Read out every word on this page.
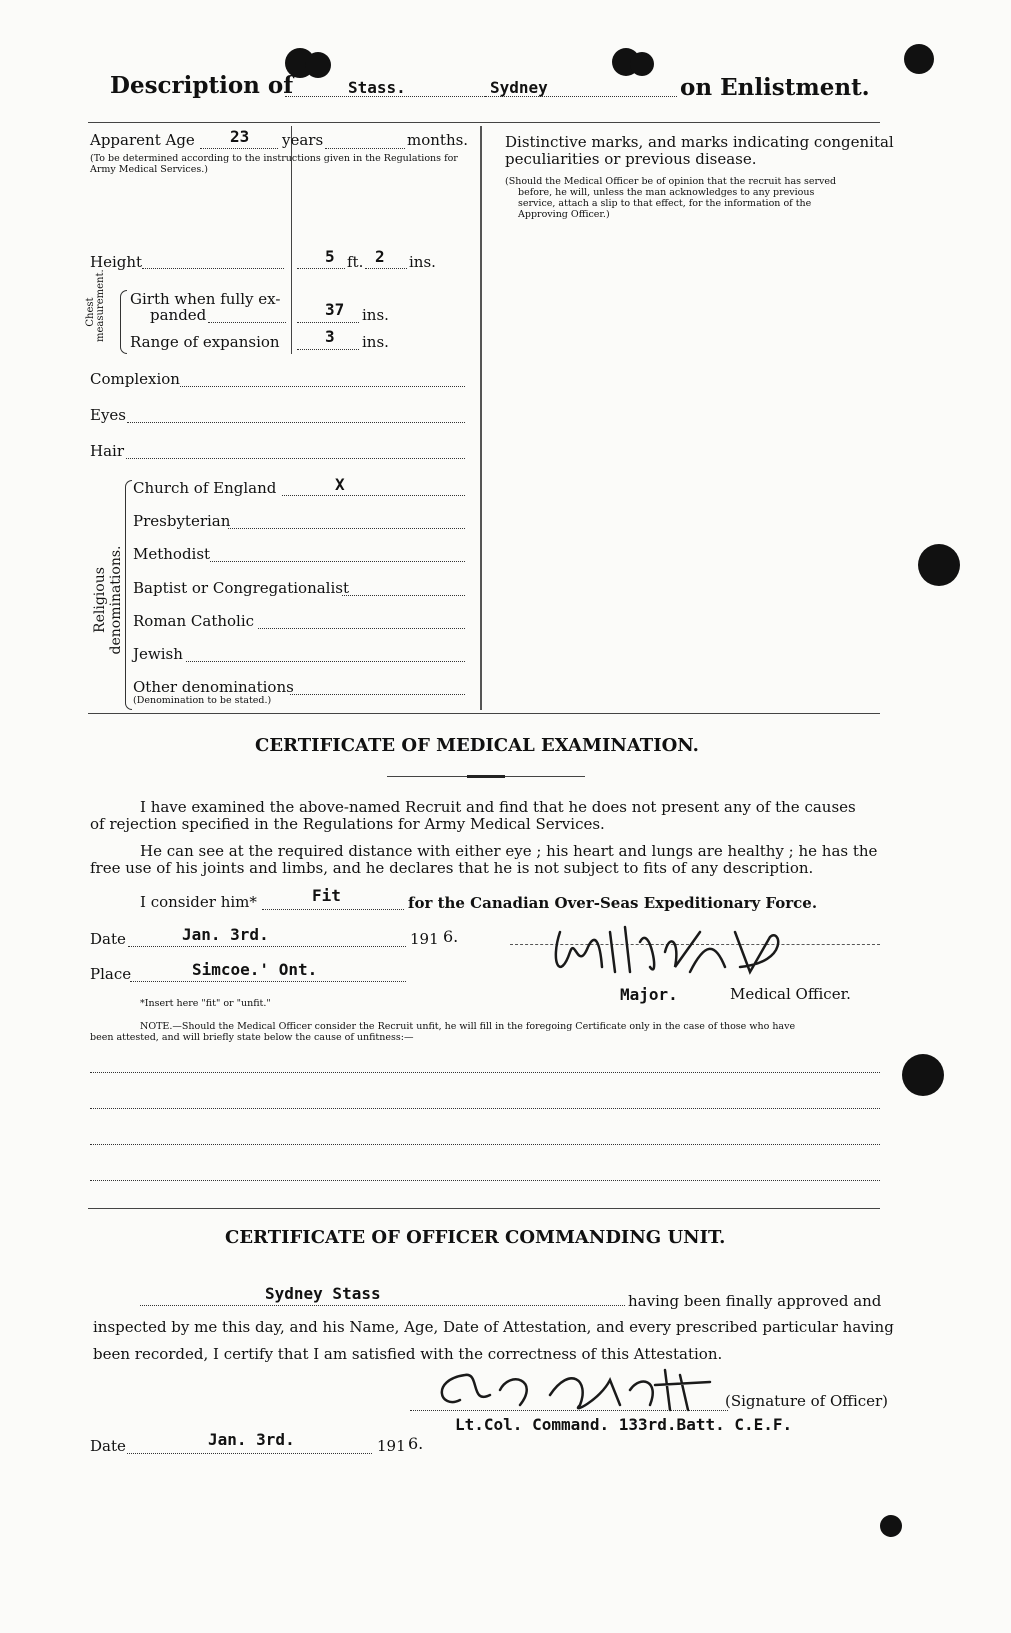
Description of	Stass.	Sydney	on Enlistment.
Apparent Age 23 years	months.
(To be determined according to the instructions given in the Regulations for Army Medical Services.)
Height	5 ft. 2 ins.
Chest measurement. Girth when fully ex-
panded	37 ins.
Range of expansion	3 ins.
Complexion
Eyes
Hair
Religious denominations.
Church of England	X
Presbyterian
Methodist
Baptist or Congregationalist
Roman Catholic
Jewish
Other denominations
(Denomination to be stated.)
Distinctive marks, and marks indicating congenital
peculiarities or previous disease.
(Should the Medical Officer be of opinion that the recruit has served
before, he will, unless the man acknowledges to any previous
service, attach a slip to that effect, for the information of the
Approving Officer.)
CERTIFICATE OF MEDICAL EXAMINATION.
I have examined the above-named Recruit and find that he does not present any of the causes
of rejection specified in the Regulations for Army Medical Services.
He can see at the required distance with either eye ; his heart and lungs are healthy ; he has the
free use of his joints and limbs, and he declares that he is not subject to fits of any description.
I consider him*	Fit	for the Canadian Over-Seas Expeditionary Force.
Date	Jan. 3rd.	191 6.
Place	Simcoe.' Ont.
*Insert here "fit" or "unfit."	Major.	Medical Officer.
NOTE.—Should the Medical Officer consider the Recruit unfit, he will fill in the foregoing Certificate only in the case of those who have
been attested, and will briefly state below the cause of unfitness:—
CERTIFICATE OF OFFICER COMMANDING UNIT.
Sydney Stass	having been finally approved and
inspected by me this day, and his Name, Age, Date of Attestation, and every prescribed particular having
been recorded, I certify that I am satisfied with the correctness of this Attestation.
(Signature of Officer)
Lt.Col. Command. 133rd.Batt. C.E.F.
Date	Jan. 3rd.	191 6.
